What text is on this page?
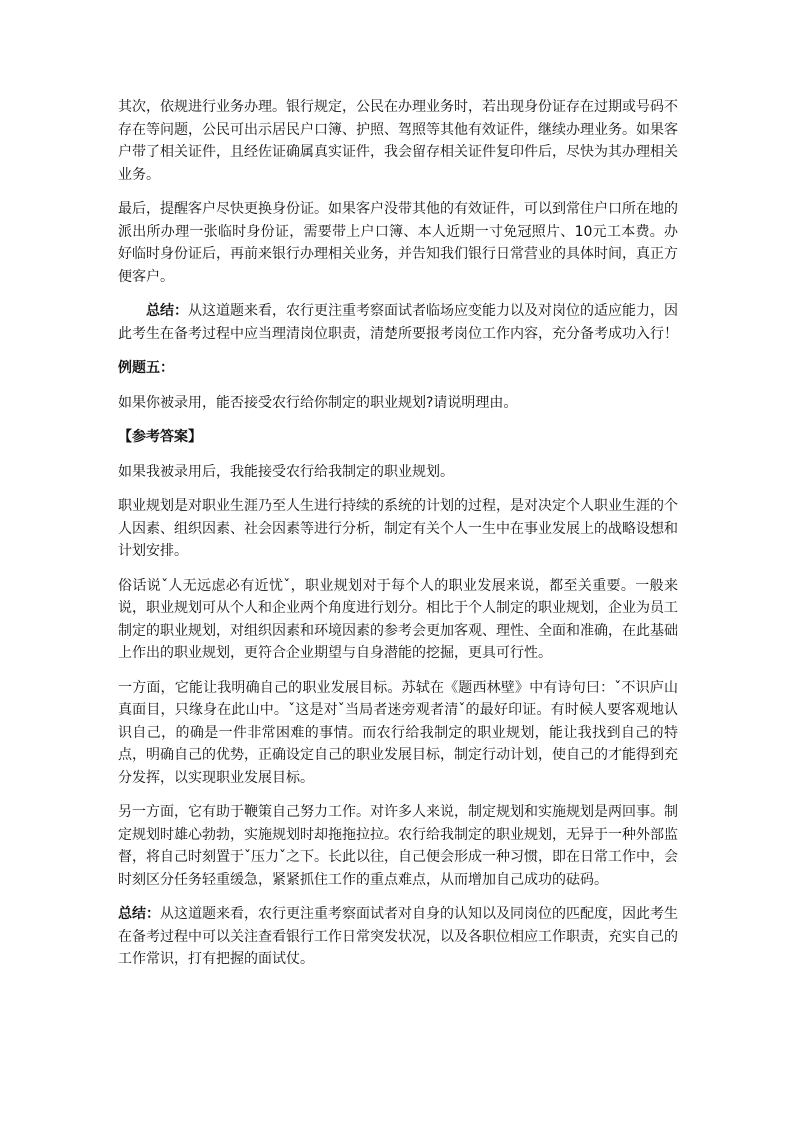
其次，依规进行业务办理。银行规定，公民在办理业务时，若出现身份证存在过期或号码不存在等问题，公民可出示居民户口簿、护照、驾照等其他有效证件，继续办理业务。如果客户带了相关证件，且经佐证确属真实证件，我会留存相关证件复印件后，尽快为其办理相关业务。

最后，提醒客户尽快更换身份证。如果客户没带其他的有效证件，可以到常住户口所在地的派出所办理一张临时身份证，需要带上户口簿、本人近期一寸免冠照片、10元工本费。办好临时身份证后，再前来银行办理相关业务，并告知我们银行日常营业的具体时间，真正方便客户。

总结：从这道题来看，农行更注重考察面试者临场应变能力以及对岗位的适应能力，因此考生在备考过程中应当理清岗位职责，清楚所要报考岗位工作内容，充分备考成功入行！

例题五：

如果你被录用，能否接受农行给你制定的职业规划?请说明理由。

【参考答案】

如果我被录用后，我能接受农行给我制定的职业规划。

职业规划是对职业生涯乃至人生进行持续的系统的计划的过程，是对决定个人职业生涯的个人因素、组织因素、社会因素等进行分析，制定有关个人一生中在事业发展上的战略设想和计划安排。

俗话说ˇ人无远虑必有近忧ˇ，职业规划对于每个人的职业发展来说，都至关重要。一般来说，职业规划可从个人和企业两个角度进行划分。相比于个人制定的职业规划，企业为员工制定的职业规划，对组织因素和环境因素的参考会更加客观、理性、全面和准确，在此基础上作出的职业规划，更符合企业期望与自身潜能的挖掘，更具可行性。

一方面，它能让我明确自己的职业发展目标。苏轼在《题西林壁》中有诗句曰：ˇ不识庐山真面目，只缘身在此山中。ˇ这是对ˇ当局者迷旁观者清ˇ的最好印证。有时候人要客观地认识自己，的确是一件非常困难的事情。而农行给我制定的职业规划，能让我找到自己的特点，明确自己的优势，正确设定自己的职业发展目标，制定行动计划，使自己的才能得到充分发挥，以实现职业发展目标。

另一方面，它有助于鞭策自己努力工作。对许多人来说，制定规划和实施规划是两回事。制定规划时雄心勃勃，实施规划时却拖拖拉拉。农行给我制定的职业规划，无异于一种外部监督，将自己时刻置于ˇ压力ˇ之下。长此以往，自己便会形成一种习惯，即在日常工作中，会时刻区分任务轻重缓急，紧紧抓住工作的重点难点，从而增加自己成功的砝码。

总结：从这道题来看，农行更注重考察面试者对自身的认知以及同岗位的匹配度，因此考生在备考过程中可以关注查看银行工作日常突发状况，以及各职位相应工作职责，充实自己的工作常识，打有把握的面试仗。
